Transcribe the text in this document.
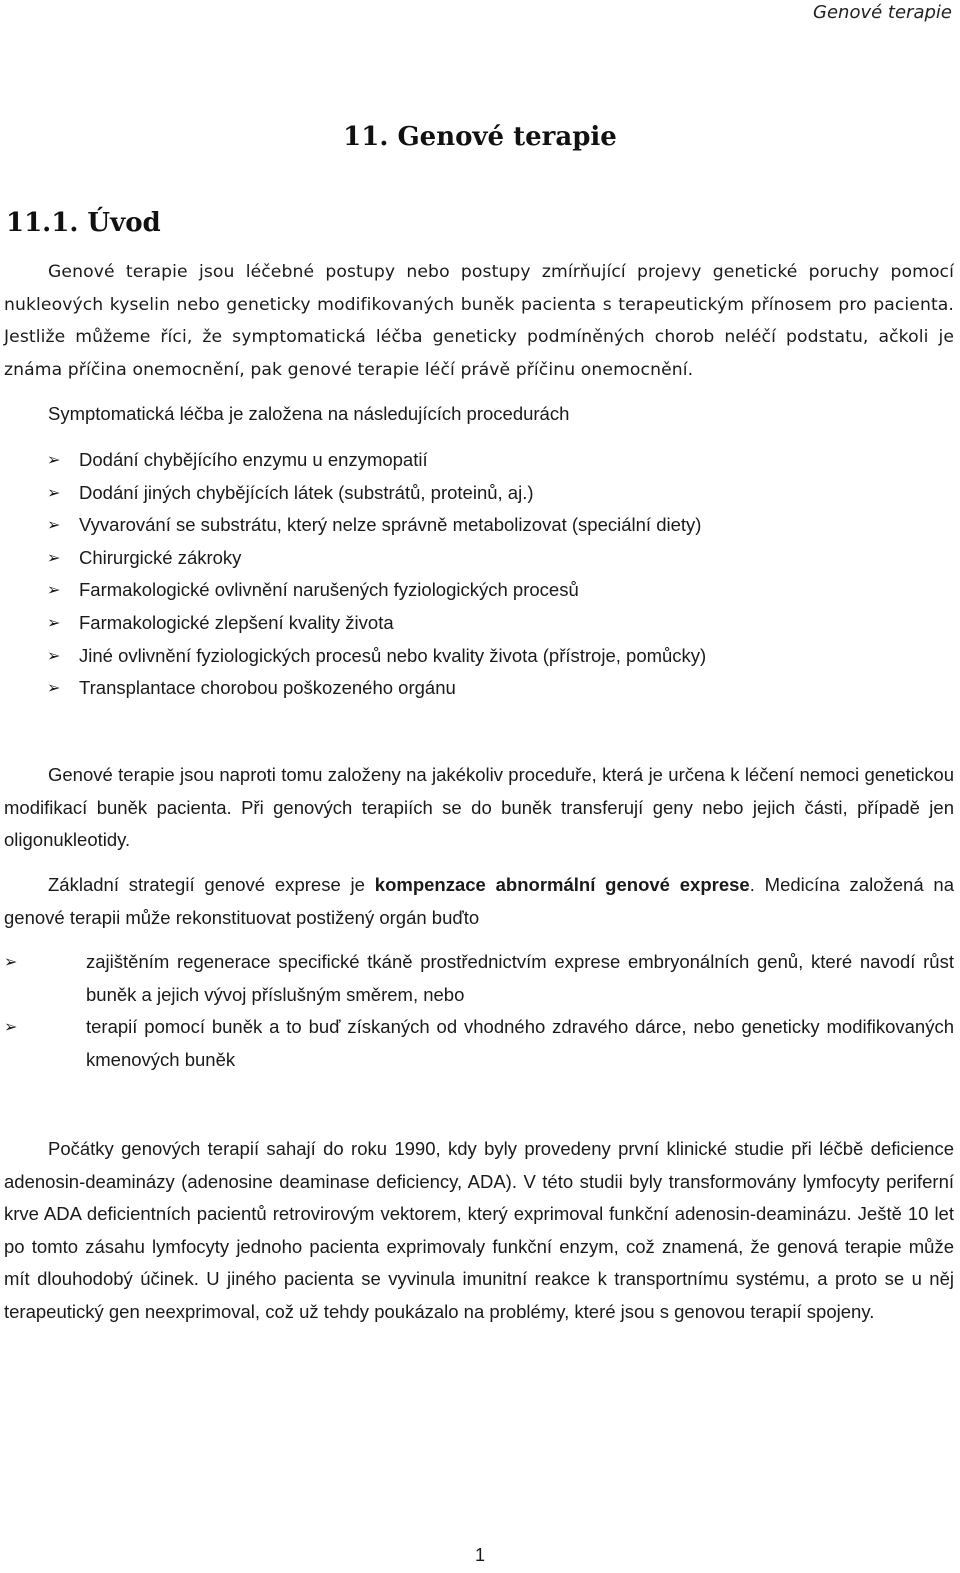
Genové terapie
11. Genové terapie
11.1. Úvod

Genové terapie jsou léčebné postupy nebo postupy zmírňující projevy genetické poruchy pomocí nukleových kyselin nebo geneticky modifikovaných buněk pacienta s terapeutickým přínosem pro pacienta. Jestliže můžeme říci, že symptomatická léčba geneticky podmíněných chorob neléčí podstatu, ačkoli je známa příčina onemocnění, pak genové terapie léčí právě příčinu onemocnění.

Symptomatická léčba je založena na následujících procedurách

➢ Dodání chybějícího enzymu u enzymopatií
➢ Dodání jiných chybějících látek (substrátů, proteinů, aj.)
➢ Vyvarování se substrátu, který nelze správně metabolizovat (speciální diety)
➢ Chirurgické zákroky
➢ Farmakologické ovlivnění narušených fyziologických procesů
➢ Farmakologické zlepšení kvality života
➢ Jiné ovlivnění fyziologických procesů nebo kvality života (přístroje, pomůcky)
➢ Transplantace chorobou poškozeného orgánu

Genové terapie jsou naproti tomu založeny na jakékoliv proceduře, která je určena k léčení nemoci genetickou modifikací buněk pacienta. Při genových terapiích se do buněk transferují geny nebo jejich části, případě jen oligonukleotidy.

Základní strategií genové exprese je kompenzace abnormální genové exprese. Medicína založená na genové terapii může rekonstituovat postižený orgán buďto

➢	zajištěním regenerace specifické tkáně prostřednictvím exprese embryonálních genů, které navodí růst buněk a jejich vývoj příslušným směrem, nebo
➢	terapií pomocí buněk a to buď získaných od vhodného zdravého dárce, nebo geneticky modifikovaných kmenových buněk

Počátky genových terapií sahají do roku 1990, kdy byly provedeny první klinické studie při léčbě deficience adenosin-deaminázy (adenosine deaminase deficiency, ADA). V této studii byly transformovány lymfocyty periferní krve ADA deficientních pacientů retrovirovým vektorem, který exprimoval funkční adenosin-deaminázu. Ještě 10 let po tomto zásahu lymfocyty jednoho pacienta exprimovaly funkční enzym, což znamená, že genová terapie může mít dlouhodobý účinek. U jiného pacienta se vyvinula imunitní reakce k transportnímu systému, a proto se u něj terapeutický gen neexprimoval, což už tehdy poukázalo na problémy, které jsou s genovou terapií spojeny.

1
